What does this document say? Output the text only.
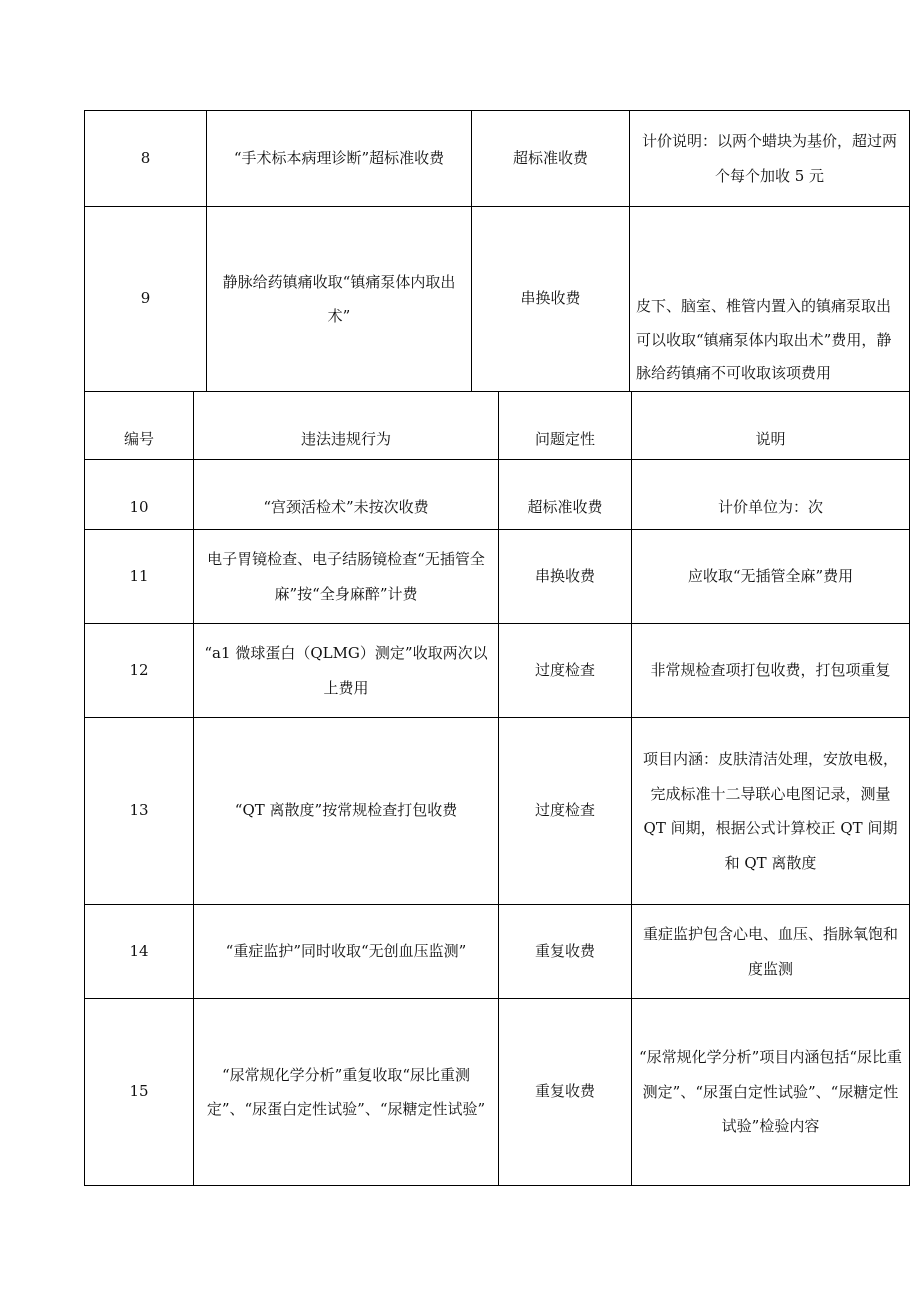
8	“手术标本病理诊断”超标准收费	超标准收费	计价说明：以两个蜡块为基价，超过两个每个加收 5 元
9	静脉给药镇痛收取“镇痛泵体内取出术”	串换收费	皮下、脑室、椎管内置入的镇痛泵取出可以收取“镇痛泵体内取出术”费用，静脉给药镇痛不可收取该项费用
编号	违法违规行为	问题定性	说明
10	“宫颈活检术”未按次收费	超标准收费	计价单位为：次
11	电子胃镜检查、电子结肠镜检查“无插管全麻”按“全身麻醉”计费	串换收费	应收取“无插管全麻”费用
12	“a1 微球蛋白（QLMG）测定”收取两次以上费用	过度检查	非常规检查项打包收费，打包项重复
13	“QT 离散度”按常规检查打包收费	过度检查	项目内涵：皮肤清洁处理，安放电极，完成标准十二导联心电图记录，测量 QT 间期，根据公式计算校正 QT 间期和 QT 离散度
14	“重症监护”同时收取“无创血压监测”	重复收费	重症监护包含心电、血压、指脉氧饱和度监测
15	“尿常规化学分析”重复收取“尿比重测定”、“尿蛋白定性试验”、“尿糖定性试验”	重复收费	“尿常规化学分析”项目内涵包括“尿比重测定”、“尿蛋白定性试验”、“尿糖定性试验”检验内容
